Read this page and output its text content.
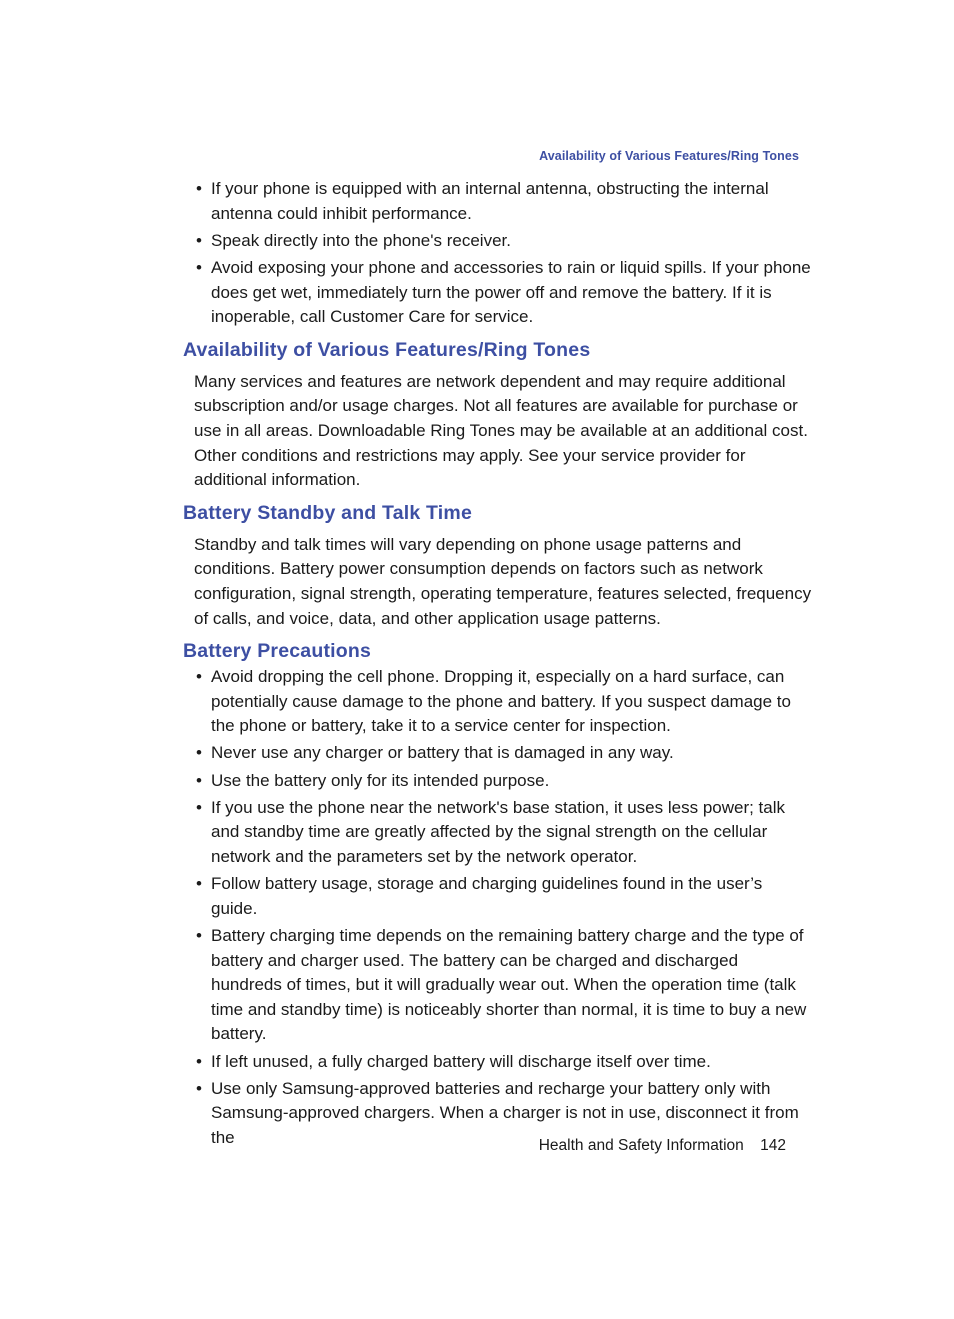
Availability of Various Features/Ring Tones
• If your phone is equipped with an internal antenna, obstructing the internal antenna could inhibit performance.
• Speak directly into the phone's receiver.
• Avoid exposing your phone and accessories to rain or liquid spills. If your phone does get wet, immediately turn the power off and remove the battery. If it is inoperable, call Customer Care for service.
Availability of Various Features/Ring Tones

Many services and features are network dependent and may require additional subscription and/or usage charges. Not all features are available for purchase or use in all areas. Downloadable Ring Tones may be available at an additional cost. Other conditions and restrictions may apply. See your service provider for additional information.

Battery Standby and Talk Time

Standby and talk times will vary depending on phone usage patterns and conditions. Battery power consumption depends on factors such as network configuration, signal strength, operating temperature, features selected, frequency of calls, and voice, data, and other application usage patterns.

Battery Precautions
• Avoid dropping the cell phone. Dropping it, especially on a hard surface, can potentially cause damage to the phone and battery. If you suspect damage to the phone or battery, take it to a service center for inspection.
• Never use any charger or battery that is damaged in any way.
• Use the battery only for its intended purpose.
• If you use the phone near the network's base station, it uses less power; talk and standby time are greatly affected by the signal strength on the cellular network and the parameters set by the network operator.
• Follow battery usage, storage and charging guidelines found in the user’s guide.
• Battery charging time depends on the remaining battery charge and the type of battery and charger used. The battery can be charged and discharged hundreds of times, but it will gradually wear out. When the operation time (talk time and standby time) is noticeably shorter than normal, it is time to buy a new battery.
• If left unused, a fully charged battery will discharge itself over time.
• Use only Samsung-approved batteries and recharge your battery only with Samsung-approved chargers. When a charger is not in use, disconnect it from the	Health and Safety Information 142
